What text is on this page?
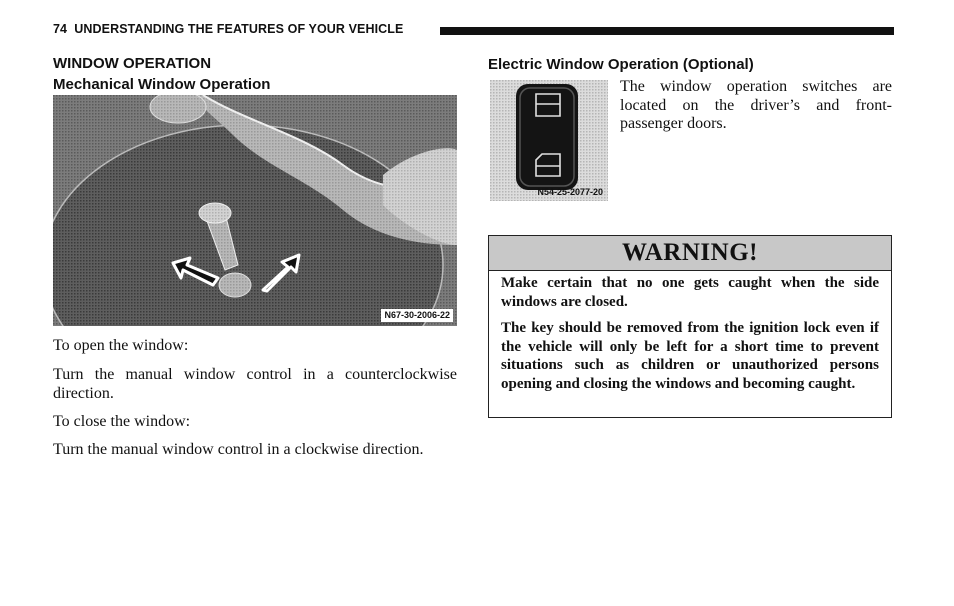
74 UNDERSTANDING THE FEATURES OF YOUR VEHICLE
WINDOW OPERATION
Mechanical Window Operation
N67-30-2006-22

To open the window:

Turn the manual window control in a counterclockwise direction.

To close the window:

Turn the manual window control in a clockwise direction.

Electric Window Operation (Optional)
N54-25-2077-20

The window operation switches are located on the driver’s and front-passenger doors.

WARNING!

Make certain that no one gets caught when the side windows are closed.

The key should be removed from the ignition lock even if the vehicle will only be left for a short time to prevent situations such as children or unauthorized persons opening and closing the windows and becoming caught.
